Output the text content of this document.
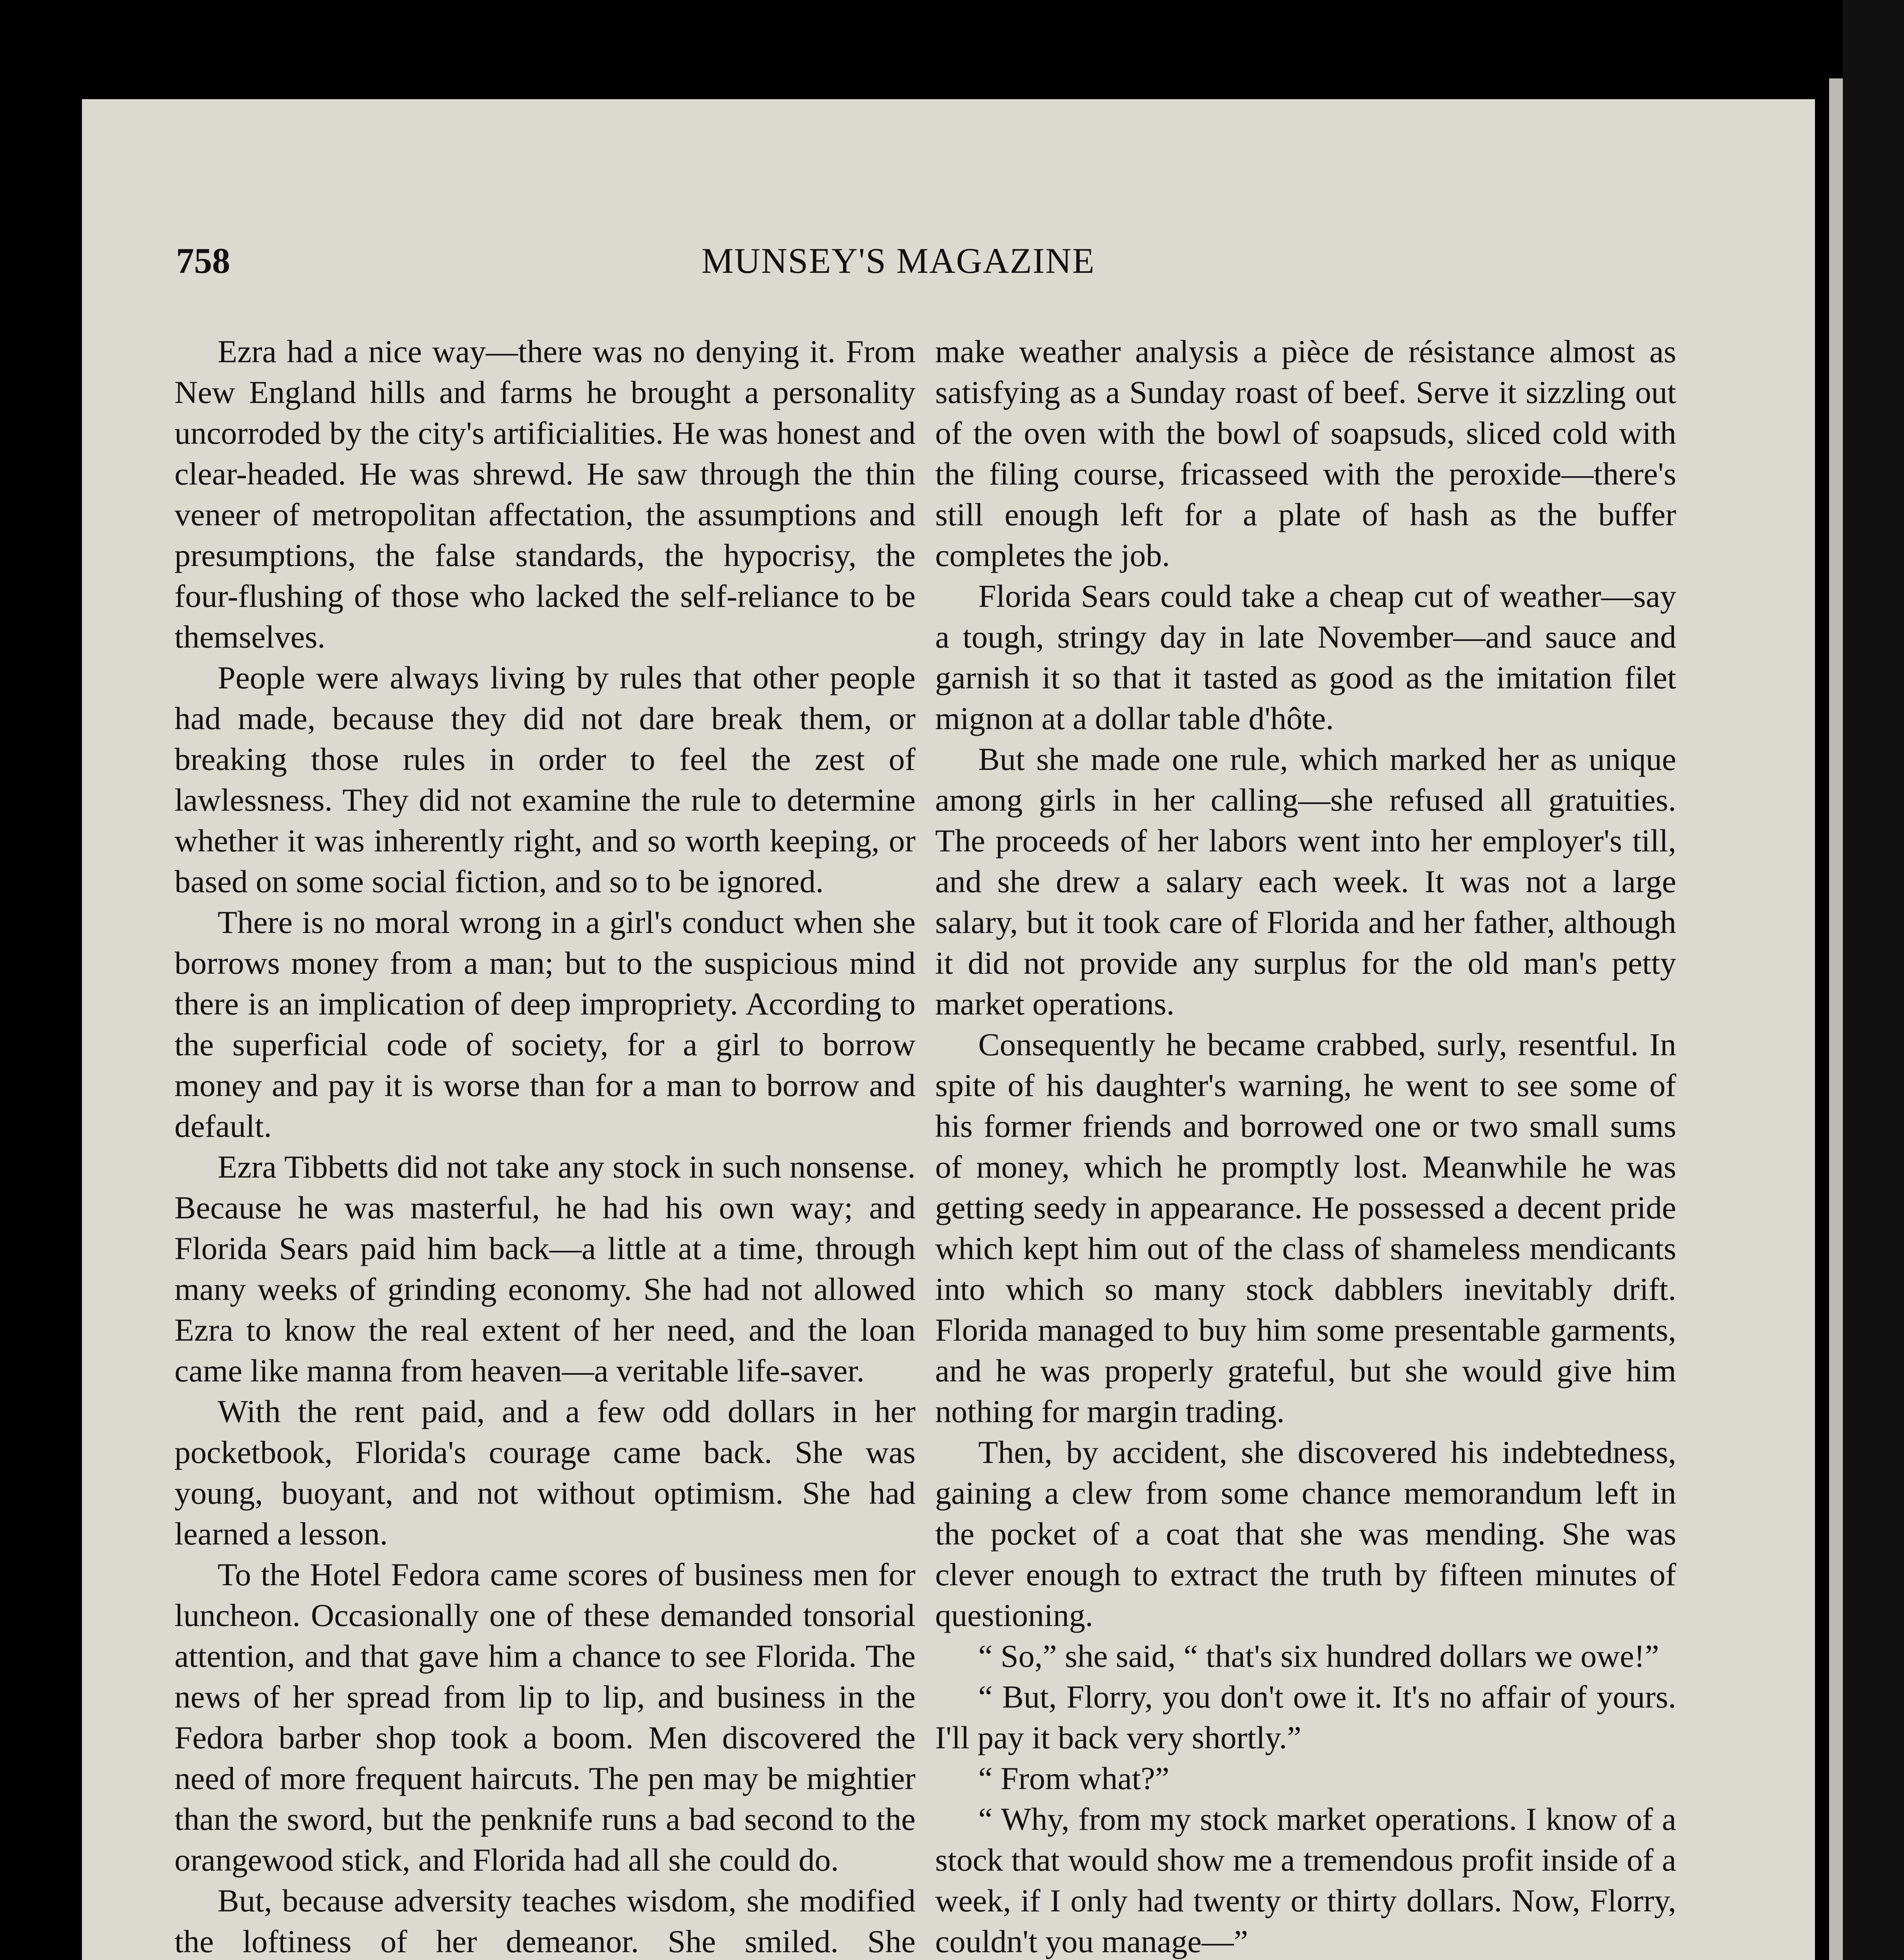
758	MUNSEY'S MAGAZINE

Ezra had a nice way—there was no denying it. From New England hills and farms he brought a personality uncorroded by the city's artificialities. He was honest and clear-headed. He was shrewd. He saw through the thin veneer of metropolitan affectation, the assumptions and presumptions, the false standards, the hypocrisy, the four-flushing of those who lacked the self-reliance to be themselves.

People were always living by rules that other people had made, because they did not dare break them, or breaking those rules in order to feel the zest of lawlessness. They did not examine the rule to determine whether it was inherently right, and so worth keeping, or based on some social fiction, and so to be ignored.

There is no moral wrong in a girl's conduct when she borrows money from a man; but to the suspicious mind there is an implication of deep impropriety. According to the superficial code of society, for a girl to borrow money and pay it is worse than for a man to borrow and default.

Ezra Tibbetts did not take any stock in such nonsense. Because he was masterful, he had his own way; and Florida Sears paid him back—a little at a time, through many weeks of grinding economy. She had not allowed Ezra to know the real extent of her need, and the loan came like manna from heaven—a veritable life-saver.

With the rent paid, and a few odd dollars in her pocketbook, Florida's courage came back. She was young, buoyant, and not without optimism. She had learned a lesson.

To the Hotel Fedora came scores of business men for luncheon. Occasionally one of these demanded tonsorial attention, and that gave him a chance to see Florida. The news of her spread from lip to lip, and business in the Fedora barber shop took a boom. Men discovered the need of more frequent haircuts. The pen may be mightier than the sword, but the penknife runs a bad second to the orangewood stick, and Florida had all she could do.

But, because adversity teaches wisdom, she modified the loftiness of her demeanor. She smiled. She

make weather analysis a pièce de résistance almost as satisfying as a Sunday roast of beef. Serve it sizzling out of the oven with the bowl of soapsuds, sliced cold with the filing course, fricasseed with the peroxide—there's still enough left for a plate of hash as the buffer completes the job.

Florida Sears could take a cheap cut of weather—say a tough, stringy day in late November—and sauce and garnish it so that it tasted as good as the imitation filet mignon at a dollar table d'hôte.

But she made one rule, which marked her as unique among girls in her calling—she refused all gratuities. The proceeds of her labors went into her employer's till, and she drew a salary each week. It was not a large salary, but it took care of Florida and her father, although it did not provide any surplus for the old man's petty market operations.

Consequently he became crabbed, surly, resentful. In spite of his daughter's warning, he went to see some of his former friends and borrowed one or two small sums of money, which he promptly lost. Meanwhile he was getting seedy in appearance. He possessed a decent pride which kept him out of the class of shameless mendicants into which so many stock dabblers inevitably drift. Florida managed to buy him some presentable garments, and he was properly grateful, but she would give him nothing for margin trading.

Then, by accident, she discovered his indebtedness, gaining a clew from some chance memorandum left in the pocket of a coat that she was mending. She was clever enough to extract the truth by fifteen minutes of questioning.

“ So,” she said, “ that's six hundred dollars we owe!”

“ But, Florry, you don't owe it. It's no affair of yours. I'll pay it back very shortly.”

“ From what?”

“ Why, from my stock market operations. I know of a stock that would show me a tremendous profit inside of a week, if I only had twenty or thirty dollars. Now, Florry, couldn't you manage—”
